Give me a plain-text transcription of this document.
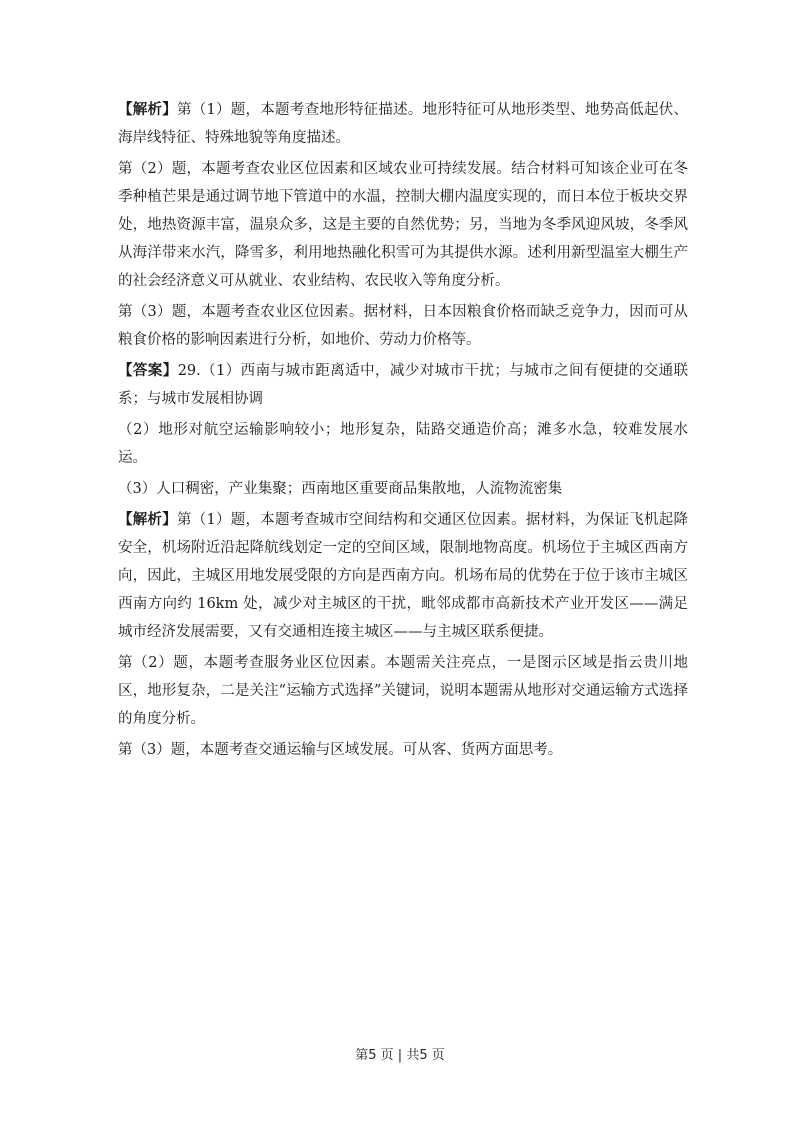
【解析】第（1）题，本题考查地形特征描述。地形特征可从地形类型、地势高低起伏、海岸线特征、特殊地貌等角度描述。

第（2）题，本题考查农业区位因素和区域农业可持续发展。结合材料可知该企业可在冬季种植芒果是通过调节地下管道中的水温，控制大棚内温度实现的，而日本位于板块交界处，地热资源丰富，温泉众多，这是主要的自然优势；另，当地为冬季风迎风坡，冬季风从海洋带来水汽，降雪多，利用地热融化积雪可为其提供水源。述利用新型温室大棚生产的社会经济意义可从就业、农业结构、农民收入等角度分析。

第（3）题，本题考查农业区位因素。据材料，日本因粮食价格而缺乏竞争力，因而可从粮食价格的影响因素进行分析，如地价、劳动力价格等。

【答案】29.（1）西南与城市距离适中，减少对城市干扰；与城市之间有便捷的交通联系；与城市发展相协调

（2）地形对航空运输影响较小；地形复杂，陆路交通造价高；滩多水急，较难发展水运。

（3）人口稠密，产业集聚；西南地区重要商品集散地，人流物流密集

【解析】第（1）题，本题考查城市空间结构和交通区位因素。据材料，为保证飞机起降安全，机场附近沿起降航线划定一定的空间区域，限制地物高度。机场位于主城区西南方向，因此，主城区用地发展受限的方向是西南方向。机场布局的优势在于位于该市主城区西南方向约 16km 处，减少对主城区的干扰，毗邻成都市高新技术产业开发区——满足城市经济发展需要，又有交通相连接主城区——与主城区联系便捷。

第（2）题，本题考查服务业区位因素。本题需关注亮点，一是图示区域是指云贵川地区，地形复杂，二是关注“运输方式选择”关键词，说明本题需从地形对交通运输方式选择的角度分析。

第（3）题，本题考查交通运输与区域发展。可从客、货两方面思考。

第5 页 | 共5 页
